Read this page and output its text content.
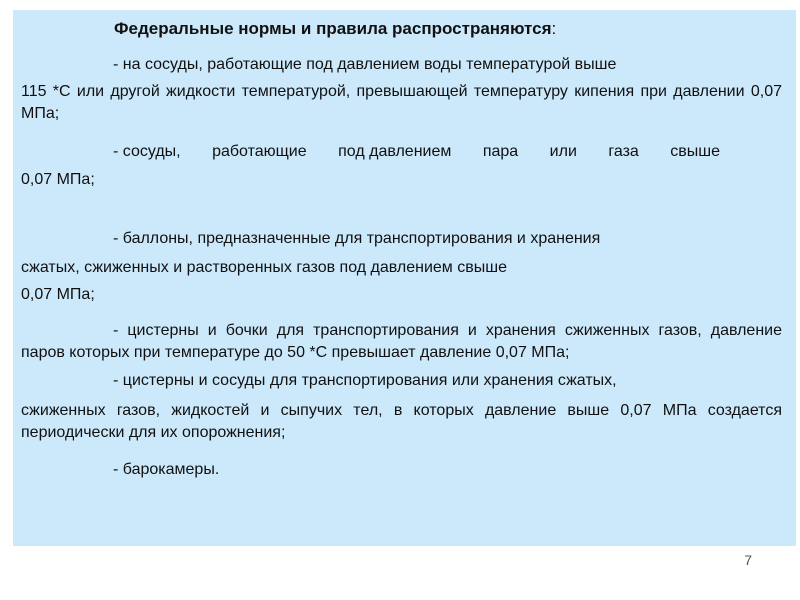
Федеральные нормы и правила распространяются:
- на сосуды, работающие под давлением воды температурой выше
115 *С или другой жидкости температурой, превышающей температуру кипения при давлении 0,07 МПа;
- сосуды, работающие под давлением пара или газа свыше
0,07 МПа;
- баллоны, предназначенные для транспортирования и хранения
сжатых, сжиженных и растворенных газов под давлением свыше
0,07 МПа;
- цистерны и бочки для транспортирования и хранения сжиженных газов, давление паров которых при температуре до 50 *С превышает давление 0,07 МПа;
- цистерны и сосуды для транспортирования или хранения сжатых,
сжиженных газов, жидкостей и сыпучих тел, в которых давление выше 0,07 МПа создается периодически для их опорожнения;
- барокамеры.
7
